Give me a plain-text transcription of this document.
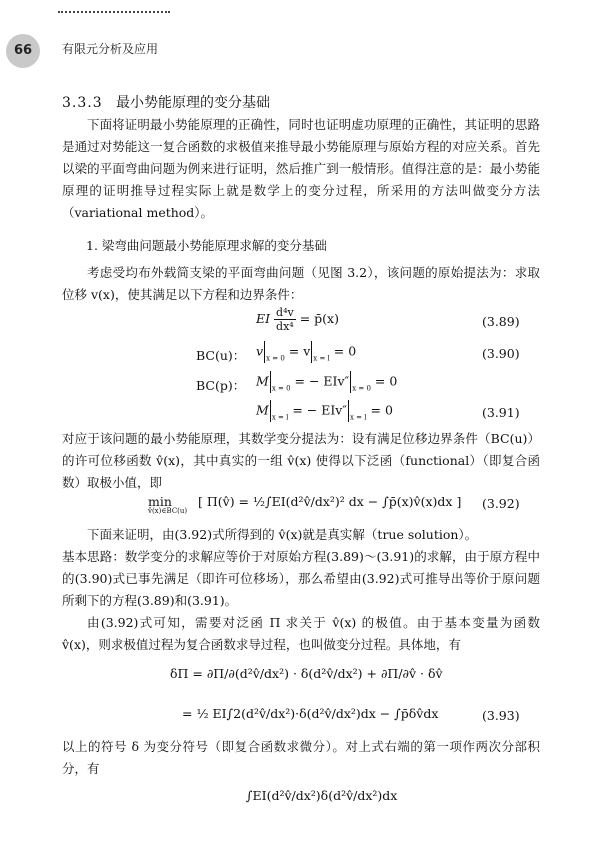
66	有限元分析及应用
3.3.3 最小势能原理的变分基础
下面将证明最小势能原理的正确性，同时也证明虚功原理的正确性，其证明的思路是通过对势能这一复合函数的求极值来推导最小势能原理与原始方程的对应关系。首先以梁的平面弯曲问题为例来进行证明，然后推广到一般情形。值得注意的是：最小势能原理的证明推导过程实际上就是数学上的变分过程，所采用的方法叫做变分方法（variational method）。
1. 梁弯曲问题最小势能原理求解的变分基础
考虑受均布外载简支梁的平面弯曲问题（见图 3.2），该问题的原始提法为：求取位移 v(x)，使其满足以下方程和边界条件：
EI $\frac{\text{d⁴v}}{\text{dx⁴}}$ = p̄(x)	(3.89)
BC(u)： v $_{x = 0}$ = v $_{x = l}$ = 0	(3.90)
BC(p)： M $_{x = 0}$ = − EIv″ $_{x = 0}$ = 0
M $_{x = l}$ = − EIv″ $_{x = l}$ = 0	(3.91)
对应于该问题的最小势能原理，其数学变分提法为：设有满足位移边界条件（BC(u)）的许可位移函数 v̂(x)，其中真实的一组 v̂(x) 使得以下泛函（functional）（即复合函数）取极小值，即
min
v̂(x)∈BC(u)
[ Π(v̂) = ½∫EI(d²v̂/dx²)² dx − ∫p̄(x)v̂(x)dx ] (3.92)
下面来证明，由(3.92)式所得到的 v̂(x)就是真实解（true solution）。
基本思路：数学变分的求解应等价于对原始方程(3.89)～(3.91)的求解，由于原方程中的(3.90)式已事先满足（即许可位移场），那么希望由(3.92)式可推导出等价于原问题所剩下的方程(3.89)和(3.91)。
由(3.92)式可知，需要对泛函 Π 求关于 v̂(x) 的极值。由于基本变量为函数 v̂(x)，则求极值过程为复合函数求导过程，也叫做变分过程。具体地，有
δΠ = ∂Π/∂(d²v̂/dx²) · δ(d²v̂/dx²) + ∂Π/∂v̂ · δv̂
= ½ EI∫2(d²v̂/dx²)·δ(d²v̂/dx²)dx − ∫p̄δv̂dx	(3.93)
以上的符号 δ 为变分符号（即复合函数求微分）。对上式右端的第一项作两次分部积分，有
∫EI(d²v̂/dx²)δ(d²v̂/dx²)dx
